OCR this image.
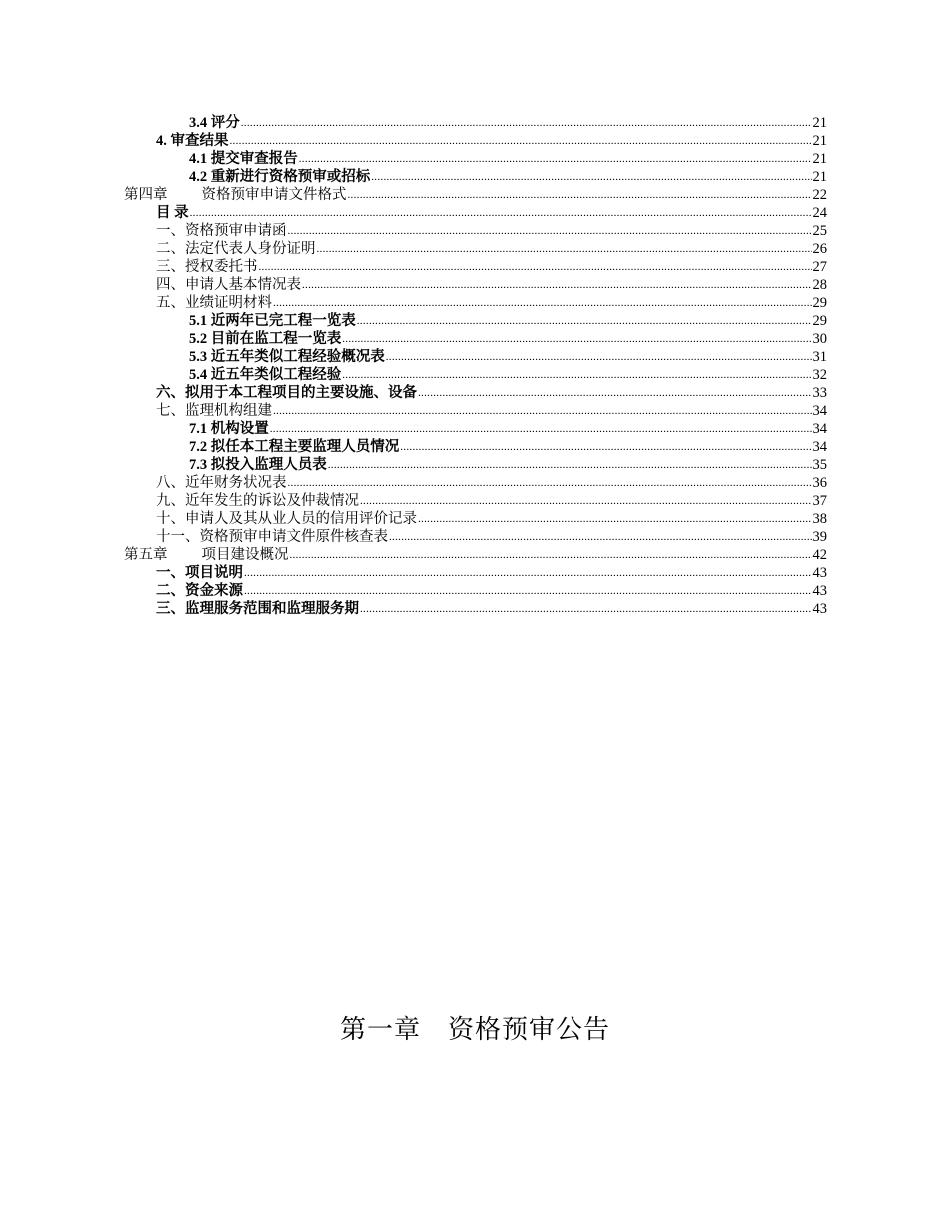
3.4 评分 .....	21
4. 审查结果 .....	21
4.1 提交审查报告 .....	21
4.2 重新进行资格预审或招标 .....	21
第四章 资格预审申请文件格式 .....	22
目 录 .....	24
一、资格预审申请函 .....	25
二、法定代表人身份证明 .....	26
三、授权委托书 .....	27
四、申请人基本情况表 .....	28
五、业绩证明材料 .....	29
5.1 近两年已完工程一览表 .....	29
5.2 目前在监工程一览表 .....	30
5.3 近五年类似工程经验概况表 .....	31
5.4 近五年类似工程经验 .....	32
六、拟用于本工程项目的主要设施、设备 .....	33
七、监理机构组建 .....	34
7.1 机构设置 .....	34
7.2 拟任本工程主要监理人员情况 .....	34
7.3 拟投入监理人员表 .....	35
八、近年财务状况表 .....	36
九、近年发生的诉讼及仲裁情况 .....	37
十、申请人及其从业人员的信用评价记录 .....	38
十一、资格预审申请文件原件核查表 .....	39
第五章 项目建设概况 .....	42
一、项目说明 .....	43
二、资金来源 .....	43
三、监理服务范围和监理服务期 .....	43
第一章　资格预审公告
